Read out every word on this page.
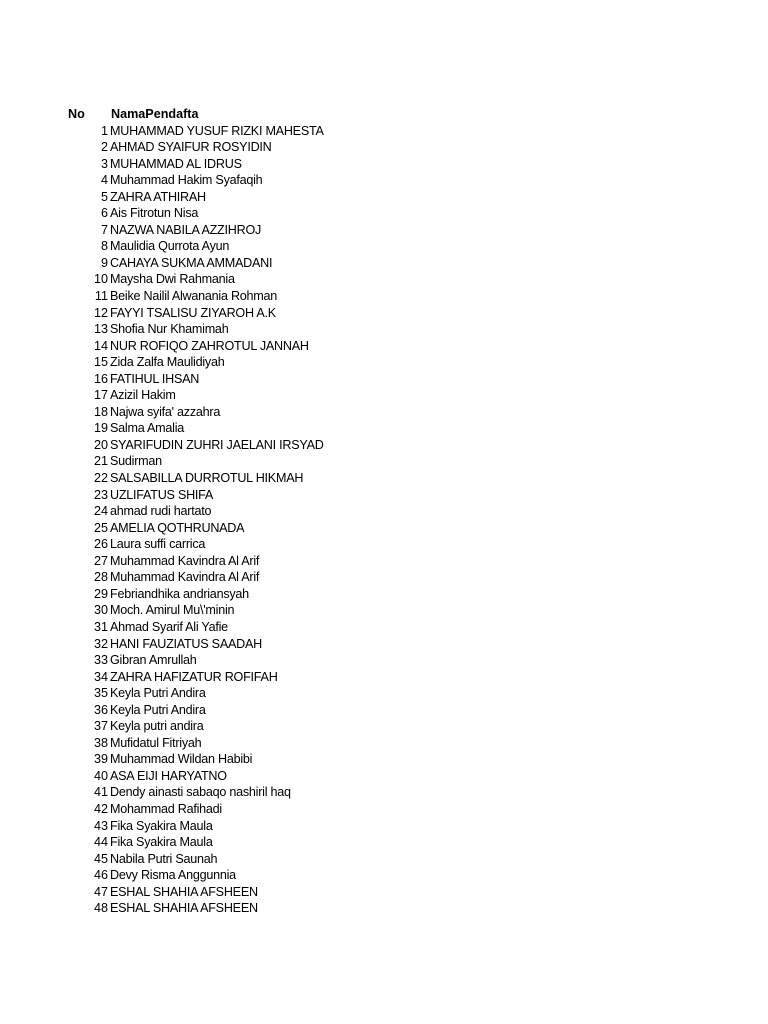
No NamaPendafta
1 MUHAMMAD YUSUF RIZKI MAHESTA
2 AHMAD SYAIFUR ROSYIDIN
3 MUHAMMAD AL IDRUS
4 Muhammad Hakim Syafaqih
5 ZAHRA ATHIRAH
6 Ais Fitrotun Nisa
7 NAZWA NABILA AZZIHROJ
8 Maulidia Qurrota Ayun
9 CAHAYA SUKMA AMMADANI
10 Maysha Dwi Rahmania
11 Beike Nailil Alwanania Rohman
12 FAYYI TSALISU ZIYAROH A.K
13 Shofia Nur Khamimah
14 NUR ROFIQO ZAHROTUL JANNAH
15 Zida Zalfa Maulidiyah
16 FATIHUL IHSAN
17 Azizil Hakim
18 Najwa syifa' azzahra
19 Salma Amalia
20 SYARIFUDIN ZUHRI JAELANI IRSYAD
21 Sudirman
22 SALSABILLA DURROTUL HIKMAH
23 UZLIFATUS SHIFA
24 ahmad rudi hartato
25 AMELIA QOTHRUNADA
26 Laura suffi carrica
27 Muhammad Kavindra Al Arif
28 Muhammad Kavindra Al Arif
29 Febriandhika andriansyah
30 Moch. Amirul Mu\'minin
31 Ahmad Syarif Ali Yafie
32 HANI FAUZIATUS SAADAH
33 Gibran Amrullah
34 ZAHRA HAFIZATUR ROFIFAH
35 Keyla Putri Andira
36 Keyla Putri Andira
37 Keyla putri andira
38 Mufidatul Fitriyah
39 Muhammad Wildan Habibi
40 ASA EIJI HARYATNO
41 Dendy ainasti sabaqo nashiril haq
42 Mohammad Rafihadi
43 Fika Syakira Maula
44 Fika Syakira Maula
45 Nabila Putri Saunah
46 Devy Risma Anggunnia
47 ESHAL SHAHIA AFSHEEN
48 ESHAL SHAHIA AFSHEEN
